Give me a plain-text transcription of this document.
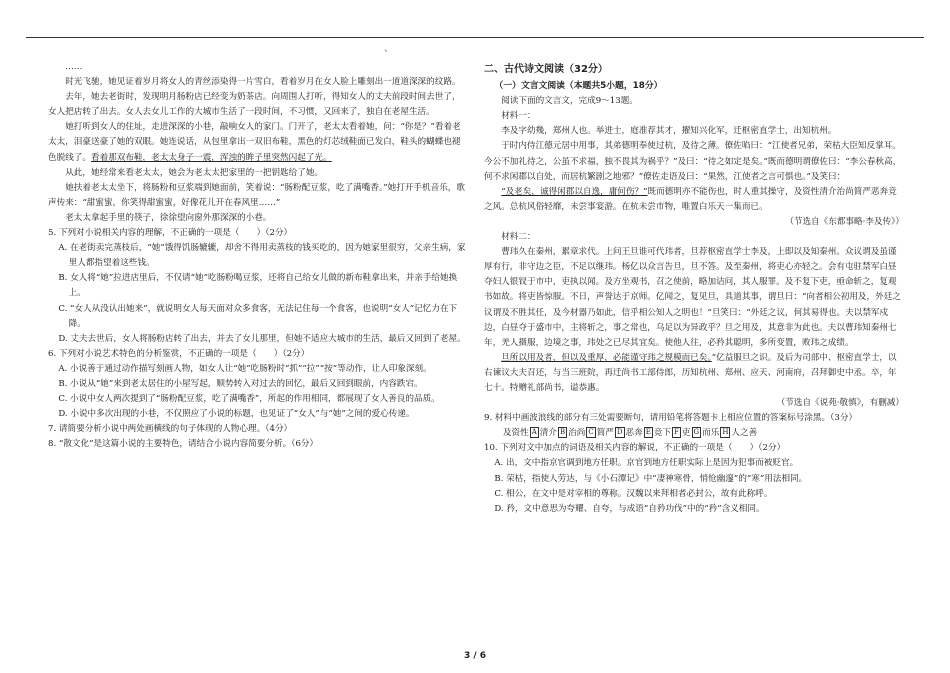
、

……

时光飞驰，她见证着岁月将女人的青丝添染得一片雪白，看着岁月在女人脸上雕刻出一道道深深的纹路。

去年，她去老街时，发现明月肠粉店已经变为奶茶店。向周围人打听，得知女人的丈夫前段时间去世了，女人把店转了出去。女人去女儿工作的大城市生活了一段时间，不习惯，又回来了，独自在老屋生活。

她打听到女人的住址，走进深深的小巷，敲响女人的家门。门开了，老太太看着她，问：“你是？”看着老太太，泪豪送豪了她的双眼。她连说话，从包里拿出一双旧布鞋，黑色的灯芯绒鞋面已发白，鞋头的蝴蝶也褪色脱线了。看着那双布鞋，老太太身子一震，浑浊的眸子里突然闪起了光。

从此，她经常来看老太太，她会为老太太把家里的一把钥匙给了她。

她扶着老太太坐下，将肠粉和豆浆端到她面前，笑着说：“肠粉配豆浆，吃了满嘴香。”她打开手机音乐，歌声传来：“甜蜜蜜，你笑得甜蜜蜜，好像花儿开在春风里……”

老太太拿起手里的筷子，徐徐望向窗外那深深的小巷。

5. 下列对小说相关内容的理解，不正确的一项是（　　）（2分）

A. 在老街卖完蒸枝后，“她”饿得饥肠辘辘，却舍不得用卖蒸枝的钱买吃的，因为她家里很穷，父亲生病，家里人都指望着这些钱。

B. 女人将“她”拉进店里后，不仅请“她”吃肠粉喝豆浆，还将自己给女儿做的新布鞋拿出来，并亲手给她换上。

C. “女人从没认出她来”，就说明女人每天面对众多食客，无法记住每一个食客，也说明“女人”记忆力在下降。

D. 丈夫去世后，女人将肠粉店转了出去，并去了女儿那里，但她不适应大城市的生活，最后又回到了老屋。

6. 下列对小说艺术特色的分析鉴赏，不正确的一项是（　　）（2分）

A. 小说善于通过动作描写刻画人物，如女人让“她”吃肠粉时“抓”“拉”“按”等动作，让人印象深刻。

B. 小说从“她”来到老太居住的小屋写起，顺势转入对过去的回忆，最后又回到眼前，内容跌宕。

C. 小说中女人两次提到了“肠粉配豆浆，吃了满嘴香”，所起的作用相同，都展现了女人善良的品质。

D. 小说中多次出现的小巷，不仅照应了小说的标题，也见证了“女人”与“她”之间的爱心传递。

7. 请简要分析小说中两处画横线的句子体现的人物心理。（4分）

8. “散文化”是这篇小说的主要特色，请结合小说内容简要分析。（6分）

二、古代诗文阅读（32分）

（一）文言文阅读（本题共5小题，18分）

阅读下面的文言文，完成9～13题。

材料一：

李及字幼幾，郑州人也。举进士，庭准荐其才，擢知兴化军，迁枢密直学士，出知杭州。

于时内侍江德元居中用事，其弟德明奉使过杭，及待之薄。僚佐啗曰：“江使者兄弟，荣枯大臣知反掌耳。今公不加礼待之，公虽不求福，独不畏其为祸乎？”及曰：“待之如定是矣。”既而德明谓僚佐曰：“李公春秋高，何不求闲郡以自处，而居杭繁剧之地邪？”僚佐走语及曰：“果然，江使者之言可惧也。”及笑曰：

“及老矣，诚得闲郡以自逸，庸何伤？”既而德明亦不能伤也，时人重其操守，及资性清介治尚简严恶奔竞之风。总杭风俗轻靡，未尝事宴游。在杭未尝市物，唯置白乐天一集而已。

（节选自《东都事略·李及传》）

材料二：

曹玮久在秦州，累章求代。上问王旦谁可代玮者，旦荐枢密直学士李及，上即以及知秦州。众议谓及虽谨厚有行，非守边之臣，不足以继玮。杨亿以众言告旦，旦不答。及至秦州，将吏心亦轻之。会有屯驻禁军白昼夺妇人银钗于市中，吏执以闻。及方坐观书，召之使前，略加诘问，其人服罪。及不复下吏，亟命斩之，复观书如故。将吏皆惊服。不日，声誉达于京师。亿闻之，复见旦，具道其事，谓旦曰：“向者相公初用及，外廷之议谓及不胜其任，及今材器乃如此，信乎相公知人之明也！”旦笑曰：“外廷之议，何其易得也。夫以禁军戍边，白昼夺于盛市中，主将斩之，事之常也，乌足以为异政乎？旦之用及，其意非为此也。夫以曹玮知秦州七年，羌人摄服，边境之事，玮处之已尽其宜矣。使他人往，必矜其聪明，多所变置，败玮之成绩。

旦所以用及者，但以及重厚，必能谨守玮之规模而已矣。”亿益服旦之识。及后为司部中、枢密直学士，以右谏议大夫召还，与当三班院，再迁尚书工部侍郎，历知杭州、郑州、应天、河南府，召拜御史中丞。卒，年七十。特赠礼部尚书，谥恭惠。

（节选自《说苑·敬慎》，有删减）

9. 材料中画波浪线的部分有三处需要断句，请用铅笔将答题卡上相应位置的答案标号涂黑。（3分）

及资性 A 清介 B 治尚 C 简严 D 恶奔 E 竞下 F 吏 G 而乐 H 人之善

10. 下列对文中加点的词语及相关内容的解说，不正确的一项是（　　）（2分）

A. 出，文中指京官调到地方任职。京官到地方任职实际上是因为犯事而被贬官。

B. 荣枯，指使人劳达，与《小石潭记》中“凄神寒骨，悄怆幽邃”的“寒”用法相同。

C. 相公，在文中是对宰相的尊称。汉魏以来拜相者必封公，故有此称呼。

D. 矜，文中意思为夸耀、自夸，与成语“自矜功伐”中的“矜”含义相同。

3 / 6
